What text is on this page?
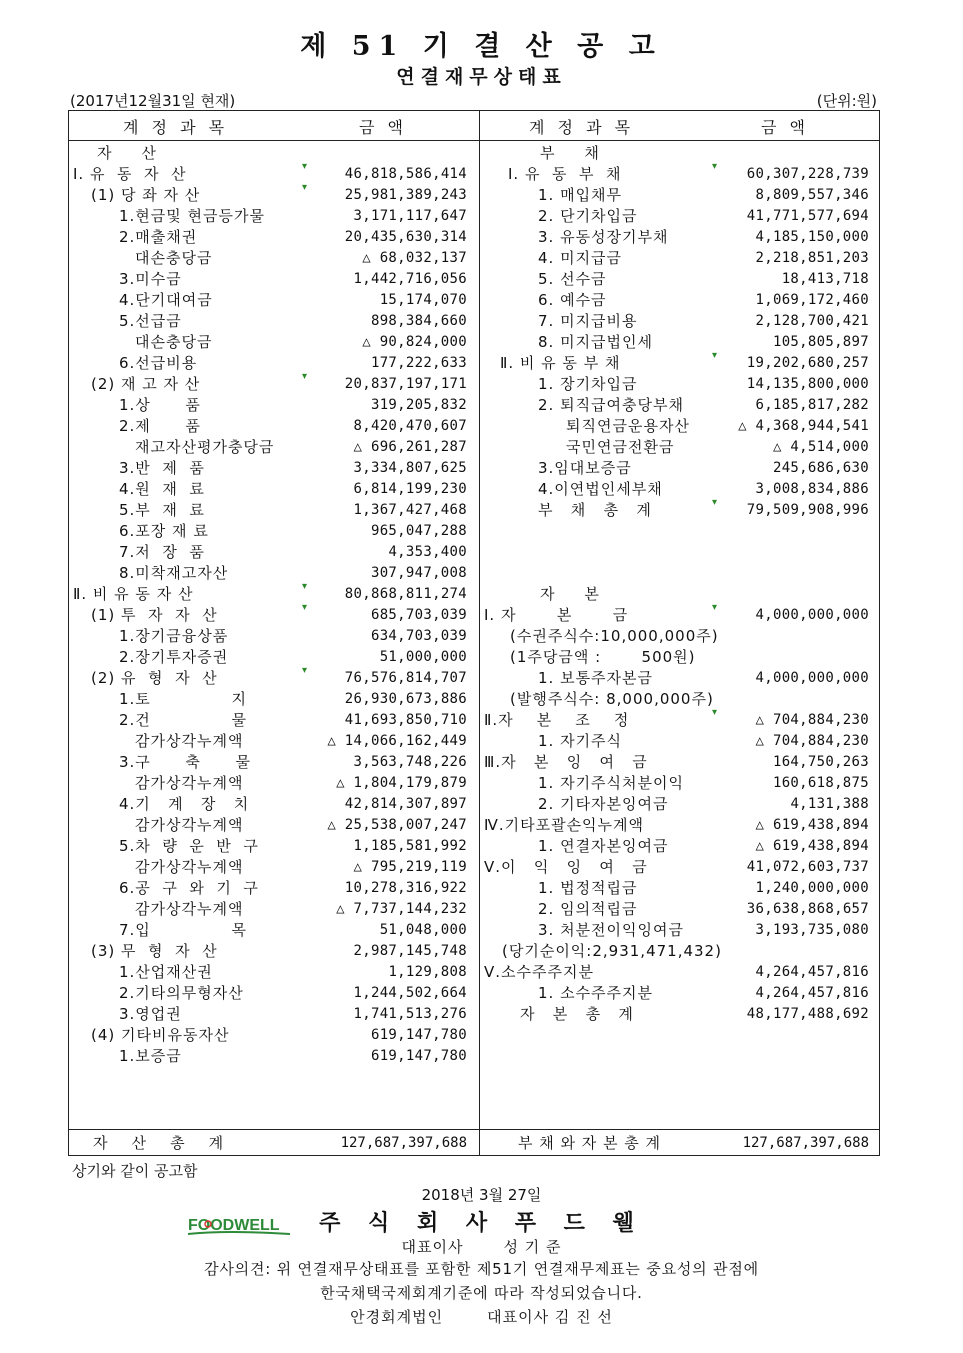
제 51 기 결 산 공 고
연결재무상태표
(2017년12월31일 현재)	(단위:원)
계 정 과 목	금 액	계 정 과 목	금 액
자     산
Ⅰ. 유  동  자  산	▾	46,818,586,414
(1) 당 좌 자 산	▾	25,981,389,243
1.현금및 현금등가물	3,171,117,647
2.매출채권	20,435,630,314
대손충당금	△ 68,032,137
3.미수금	1,442,716,056
4.단기대여금	15,174,070
5.선급금	898,384,660
대손충당금	△ 90,824,000
6.선급비용	177,222,633
(2) 재 고 자 산	▾	20,837,197,171
1.상      품	319,205,832
2.제      품	8,420,470,607
재고자산평가충당금	△ 696,261,287
3.반  제  품	3,334,807,625
4.원  재  료	6,814,199,230
5.부  재  료	1,367,427,468
6.포장 재 료	965,047,288
7.저  장  품	4,353,400
8.미착재고자산	307,947,008
Ⅱ. 비 유 동 자 산	▾	80,868,811,274
(1) 투  자  자  산	▾	685,703,039
1.장기금융상품	634,703,039
2.장기투자증권	51,000,000
(2) 유  형  자  산	▾	76,576,814,707
1.토              지	26,930,673,886
2.건              물	41,693,850,710
감가상각누계액	△ 14,066,162,449
3.구      축      물	3,563,748,226
감가상각누계액	△ 1,804,179,879
4.기   계   장   치	42,814,307,897
감가상각누계액	△ 25,538,007,247
5.차  량  운  반  구	1,185,581,992
감가상각누계액	△ 795,219,119
6.공  구  와  기  구	10,278,316,922
감가상각누계액	△ 7,737,144,232
7.입              목	51,048,000
(3) 무  형  자  산	2,987,145,748
1.산업재산권	1,129,808
2.기타의무형자산	1,244,502,664
3.영업권	1,741,513,276
(4) 기타비유동자산	619,147,780
1.보증금	619,147,780
부     채
Ⅰ. 유  동  부  채	▾ 60,307,228,739
1. 매입채무	8,809,557,346
2. 단기차입금	41,771,577,694
3. 유동성장기부채	4,185,150,000
4. 미지급금	2,218,851,203
5. 선수금	18,413,718
6. 예수금	1,069,172,460
7. 미지급비용	2,128,700,421
8. 미지급법인세	105,805,897
Ⅱ. 비 유 동 부 채	▾ 19,202,680,257
1. 장기차입금	14,135,800,000
2. 퇴직급여충당부채	6,185,817,282
퇴직연금운용자산	△ 4,368,944,541
국민연금전환금	△ 4,514,000
3.임대보증금	245,686,630
4.이연법인세부채	3,008,834,886
부   채   총   계	▾ 79,509,908,996
자     본
Ⅰ. 자       본       금	▾	4,000,000,000
(수권주식수:10,000,000주)
(1주당금액 :       500원)
1. 보통주자본금	4,000,000,000
(발행주식수: 8,000,000주)
Ⅱ.자    본    조    정	▾	△ 704,884,230
1. 자기주식	△ 704,884,230
Ⅲ.자   본   잉   여   금	164,750,263
1. 자기주식처분이익	160,618,875
2. 기타자본잉여금	4,131,388
Ⅳ.기타포괄손익누계액	△ 619,438,894
1. 연결자본잉여금	△ 619,438,894
Ⅴ.이   익   잉   여   금	41,072,603,737
1. 법정적립금	1,240,000,000
2. 임의적립금	36,638,868,657
3. 처분전이익잉여금	3,193,735,080
(당기순이익:2,931,471,432)
Ⅴ.소수주주지분	4,264,457,816
1. 소수주주지분	4,264,457,816
자   본   총   계	48,177,488,692
자    산    총    계	127,687,397,688	부 채 와 자 본 총 계	127,687,397,688
상기와 같이 공고함
2018년 3월 27일
FOODWELL	주 식 회 사 푸 드 웰
대표이사	성 기 준
감사의견: 위 연결재무상태표를 포함한 제51기 연결재무제표는 중요성의 관점에
한국채택국제회계기준에 따라 작성되었습니다.
안경회계법인	대표이사 김 진 선
